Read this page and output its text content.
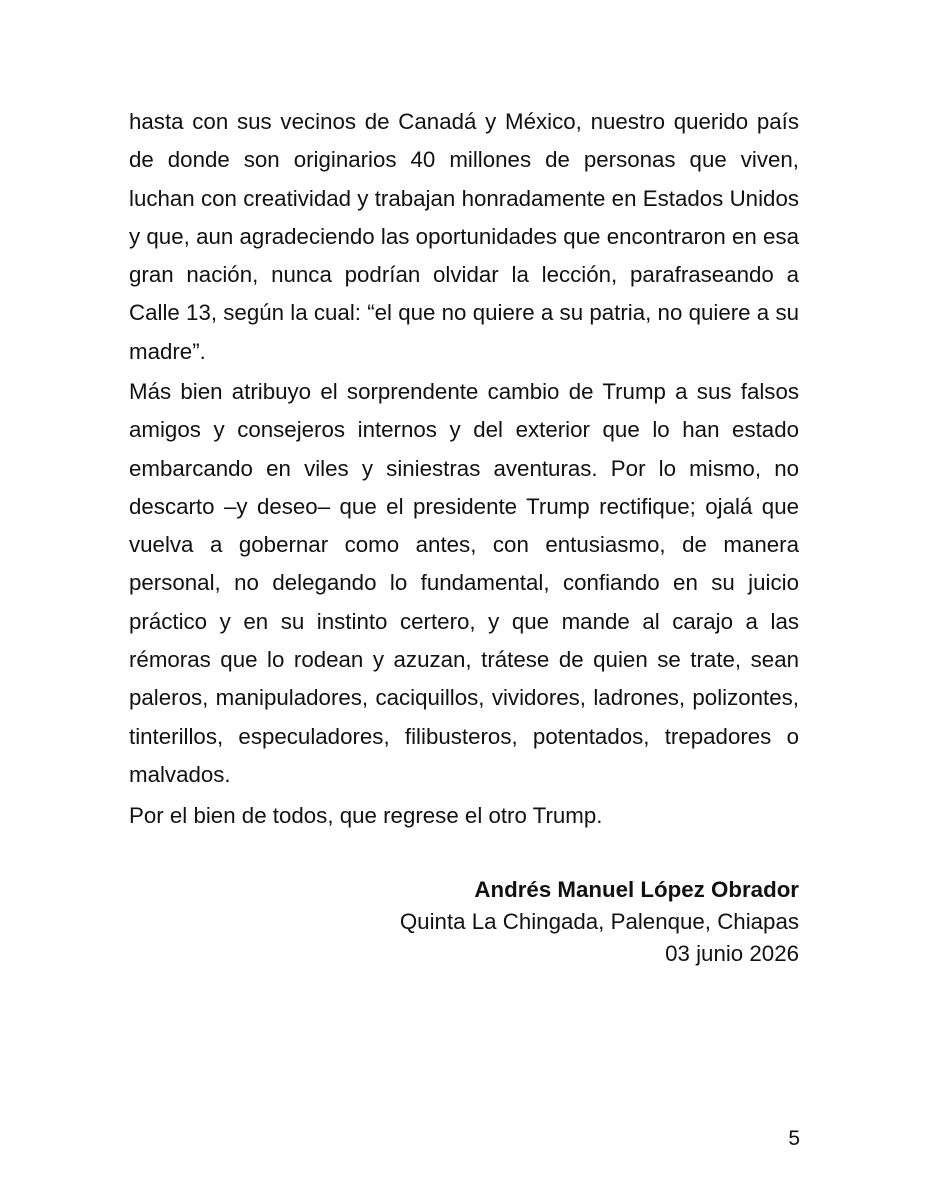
hasta con sus vecinos de Canadá y México, nuestro querido país de donde son originarios 40 millones de personas que viven, luchan con creatividad y trabajan honradamente en Estados Unidos y que, aun agradeciendo las oportunidades que encontraron en esa gran nación, nunca podrían olvidar la lección, parafraseando a Calle 13, según la cual: “el que no quiere a su patria, no quiere a su madre”.

Más bien atribuyo el sorprendente cambio de Trump a sus falsos amigos y consejeros internos y del exterior que lo han estado embarcando en viles y siniestras aventuras. Por lo mismo, no descarto –y deseo– que el presidente Trump rectifique; ojalá que vuelva a gobernar como antes, con entusiasmo, de manera personal, no delegando lo fundamental, confiando en su juicio práctico y en su instinto certero, y que mande al carajo a las rémoras que lo rodean y azuzan, trátese de quien se trate, sean paleros, manipuladores, caciquillos, vividores, ladrones, polizontes, tinterillos, especuladores, filibusteros, potentados, trepadores o malvados.

Por el bien de todos, que regrese el otro Trump.

Andrés Manuel López Obrador
Quinta La Chingada, Palenque, Chiapas
03 junio 2026
5
